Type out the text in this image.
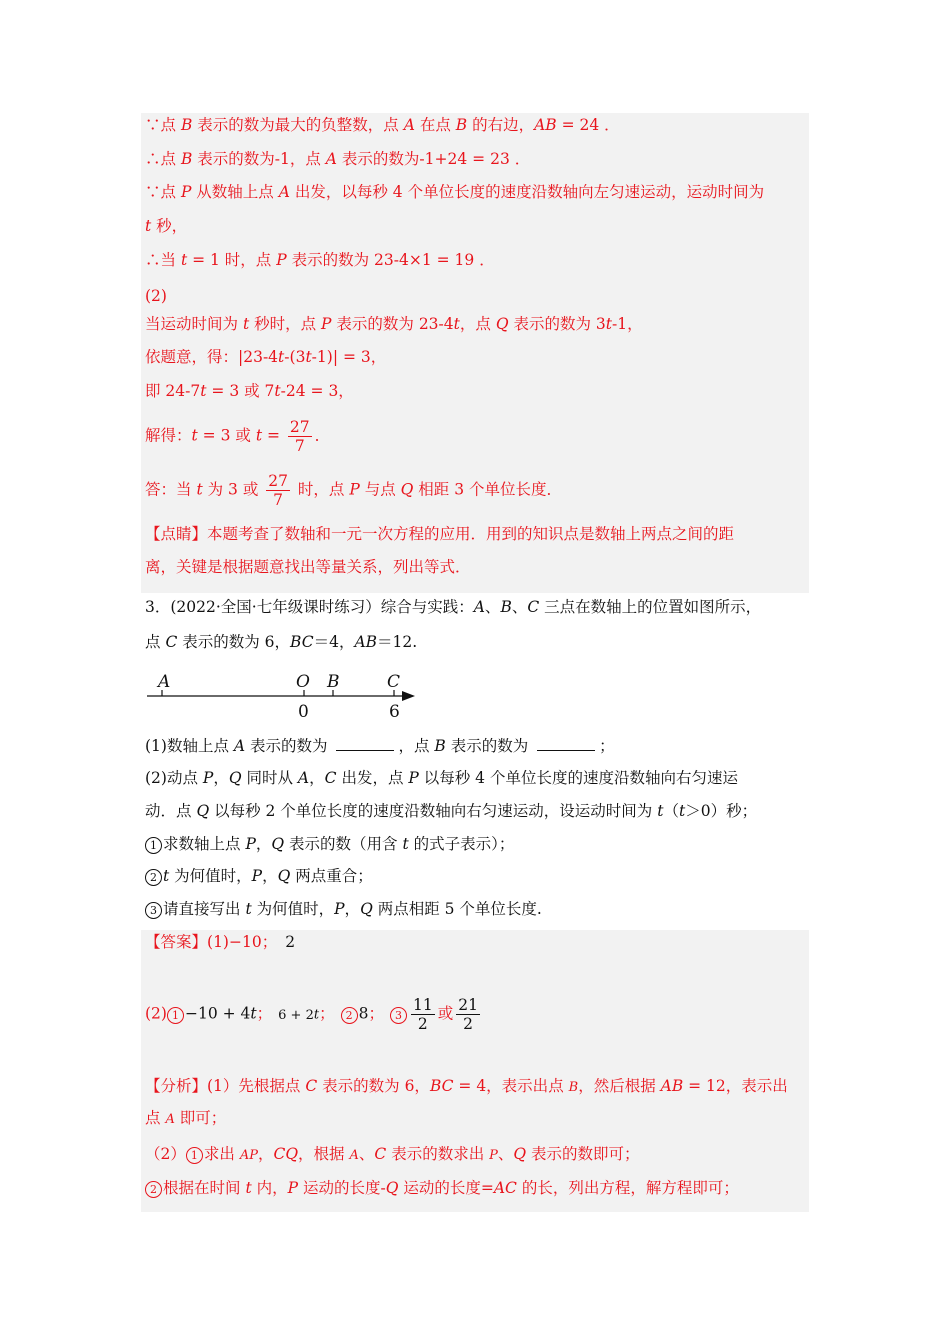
∵点 B 表示的数为最大的负整数，点 A 在点 B 的右边，AB = 24 ．
∴点 B 表示的数为-1，点 A 表示的数为-1+24 = 23 ．
∵点 P 从数轴上点 A 出发，以每秒 4 个单位长度的速度沿数轴向左匀速运动，运动时间为
t 秒，
∴当 t = 1 时，点 P 表示的数为 23-4×1 = 19 ．
(2)
当运动时间为 t 秒时，点 P 表示的数为 23-4t，点 Q 表示的数为 3t-1，
依题意，得：|23-4t-(3t-1)| = 3，
即 24-7t = 3 或 7t-24 = 3，
解得：t = 3 或 $t = \frac{27}{7}$ ．
答：当 t 为 3 或 $\frac{27}{7}$ 时，点 P 与点 Q 相距 3 个单位长度．
【点睛】本题考查了数轴和一元一次方程的应用．用到的知识点是数轴上两点之间的距
离，关键是根据题意找出等量关系，列出等式．
3．(2022·全国·七年级课时练习）综合与实践：A、B、C 三点在数轴上的位置如图所示，
点 C 表示的数为 6，BC＝4，AB＝12.
A	O B	C
0	6
(1)数轴上点 A 表示的数为	，点 B 表示的数为	；
(2)动点 P，Q 同时从 A，C 出发，点 P 以每秒 4 个单位长度的速度沿数轴向右匀速运
动．点 Q 以每秒 2 个单位长度的速度沿数轴向右匀速运动，设运动时间为 t（t＞0）秒；
1 求数轴上点 P，Q 表示的数（用含 t 的式子表示）；
2 t 为何值时，P，Q 两点重合；
3 请直接写出 t 为何值时，P，Q 两点相距 5 个单位长度.
【答案】(1)−10； 2
(2) 1 −10 + 4t； 6 + 2t； 2 8； $3 \frac{11}{2}$ 或 $\frac{21}{2}$
【分析】(1）先根据点 C 表示的数为 6，BC = 4，表示出点 B，然后根据 AB = 12，表示出
点 A 即可；
（2） 1 求出 AP，CQ，根据 A、C 表示的数求出 P、Q 表示的数即可；
2 根据在时间 t 内，P 运动的长度-Q 运动的长度=AC 的长，列出方程，解方程即可；
